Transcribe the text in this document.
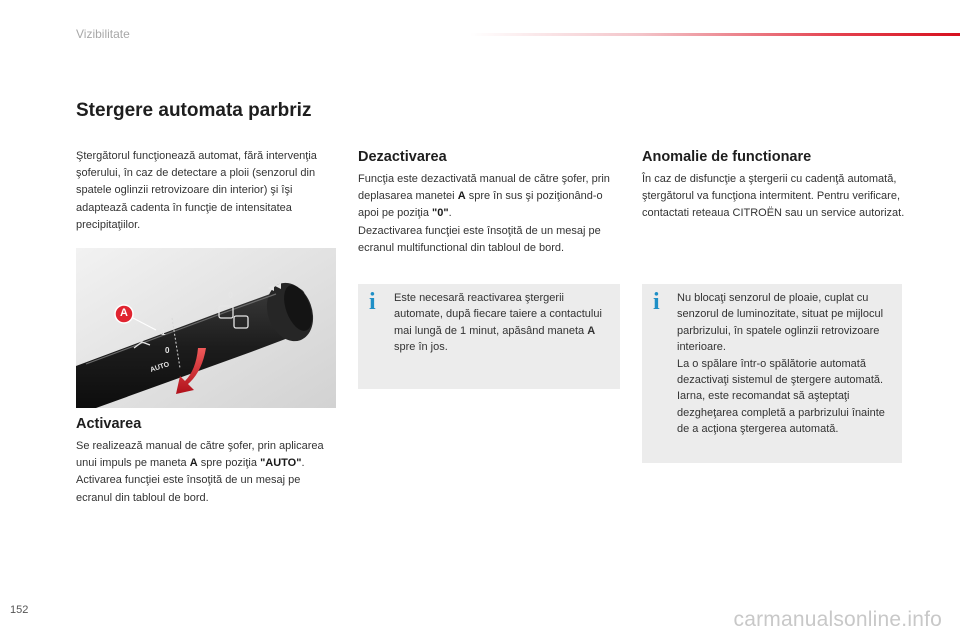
Vizibilitate
Stergere automata parbriz
Ştergătorul funcţionează automat, fără intervenţia şoferului, în caz de detectare a ploii (senzorul din spatele oglinzii retrovizoare din interior) şi îşi adaptează cadenta în funcţie de intensitatea precipitaţiilor.
A	2
1
0
AUTO
0
Activarea
Se realizează manual de către şofer, prin aplicarea unui impuls pe maneta A spre poziţia "AUTO".
Activarea funcţiei este însoţită de un mesaj pe ecranul din tabloul de bord.
Dezactivarea
Funcţia este dezactivată manual de către şofer, prin deplasarea manetei A spre în sus şi poziţionând-o apoi pe poziţia "0".
Dezactivarea funcţiei este însoţită de un mesaj pe ecranul multifunctional din tabloul de bord.
i Este necesară reactivarea ştergerii automate, după fiecare taiere a contactului mai lungă de 1 minut, apăsând maneta A spre în jos.
Anomalie de functionare
În caz de disfuncţie a ştergerii cu cadenţă automată, ştergătorul va funcţiona intermitent. Pentru verificare, contactati reteaua CITROËN sau un service autorizat.
i Nu blocaţi senzorul de ploaie, cuplat cu senzorul de luminozitate, situat pe mijlocul parbrizului, în spatele oglinzii retrovizoare interioare.
La o spălare într-o spălătorie automată dezactivaţi sistemul de ştergere automată.
Iarna, este recomandat să aşteptaţi dezgheţarea completă a parbrizului înainte de a acţiona ştergerea automată.
152	carmanualsonline.info
